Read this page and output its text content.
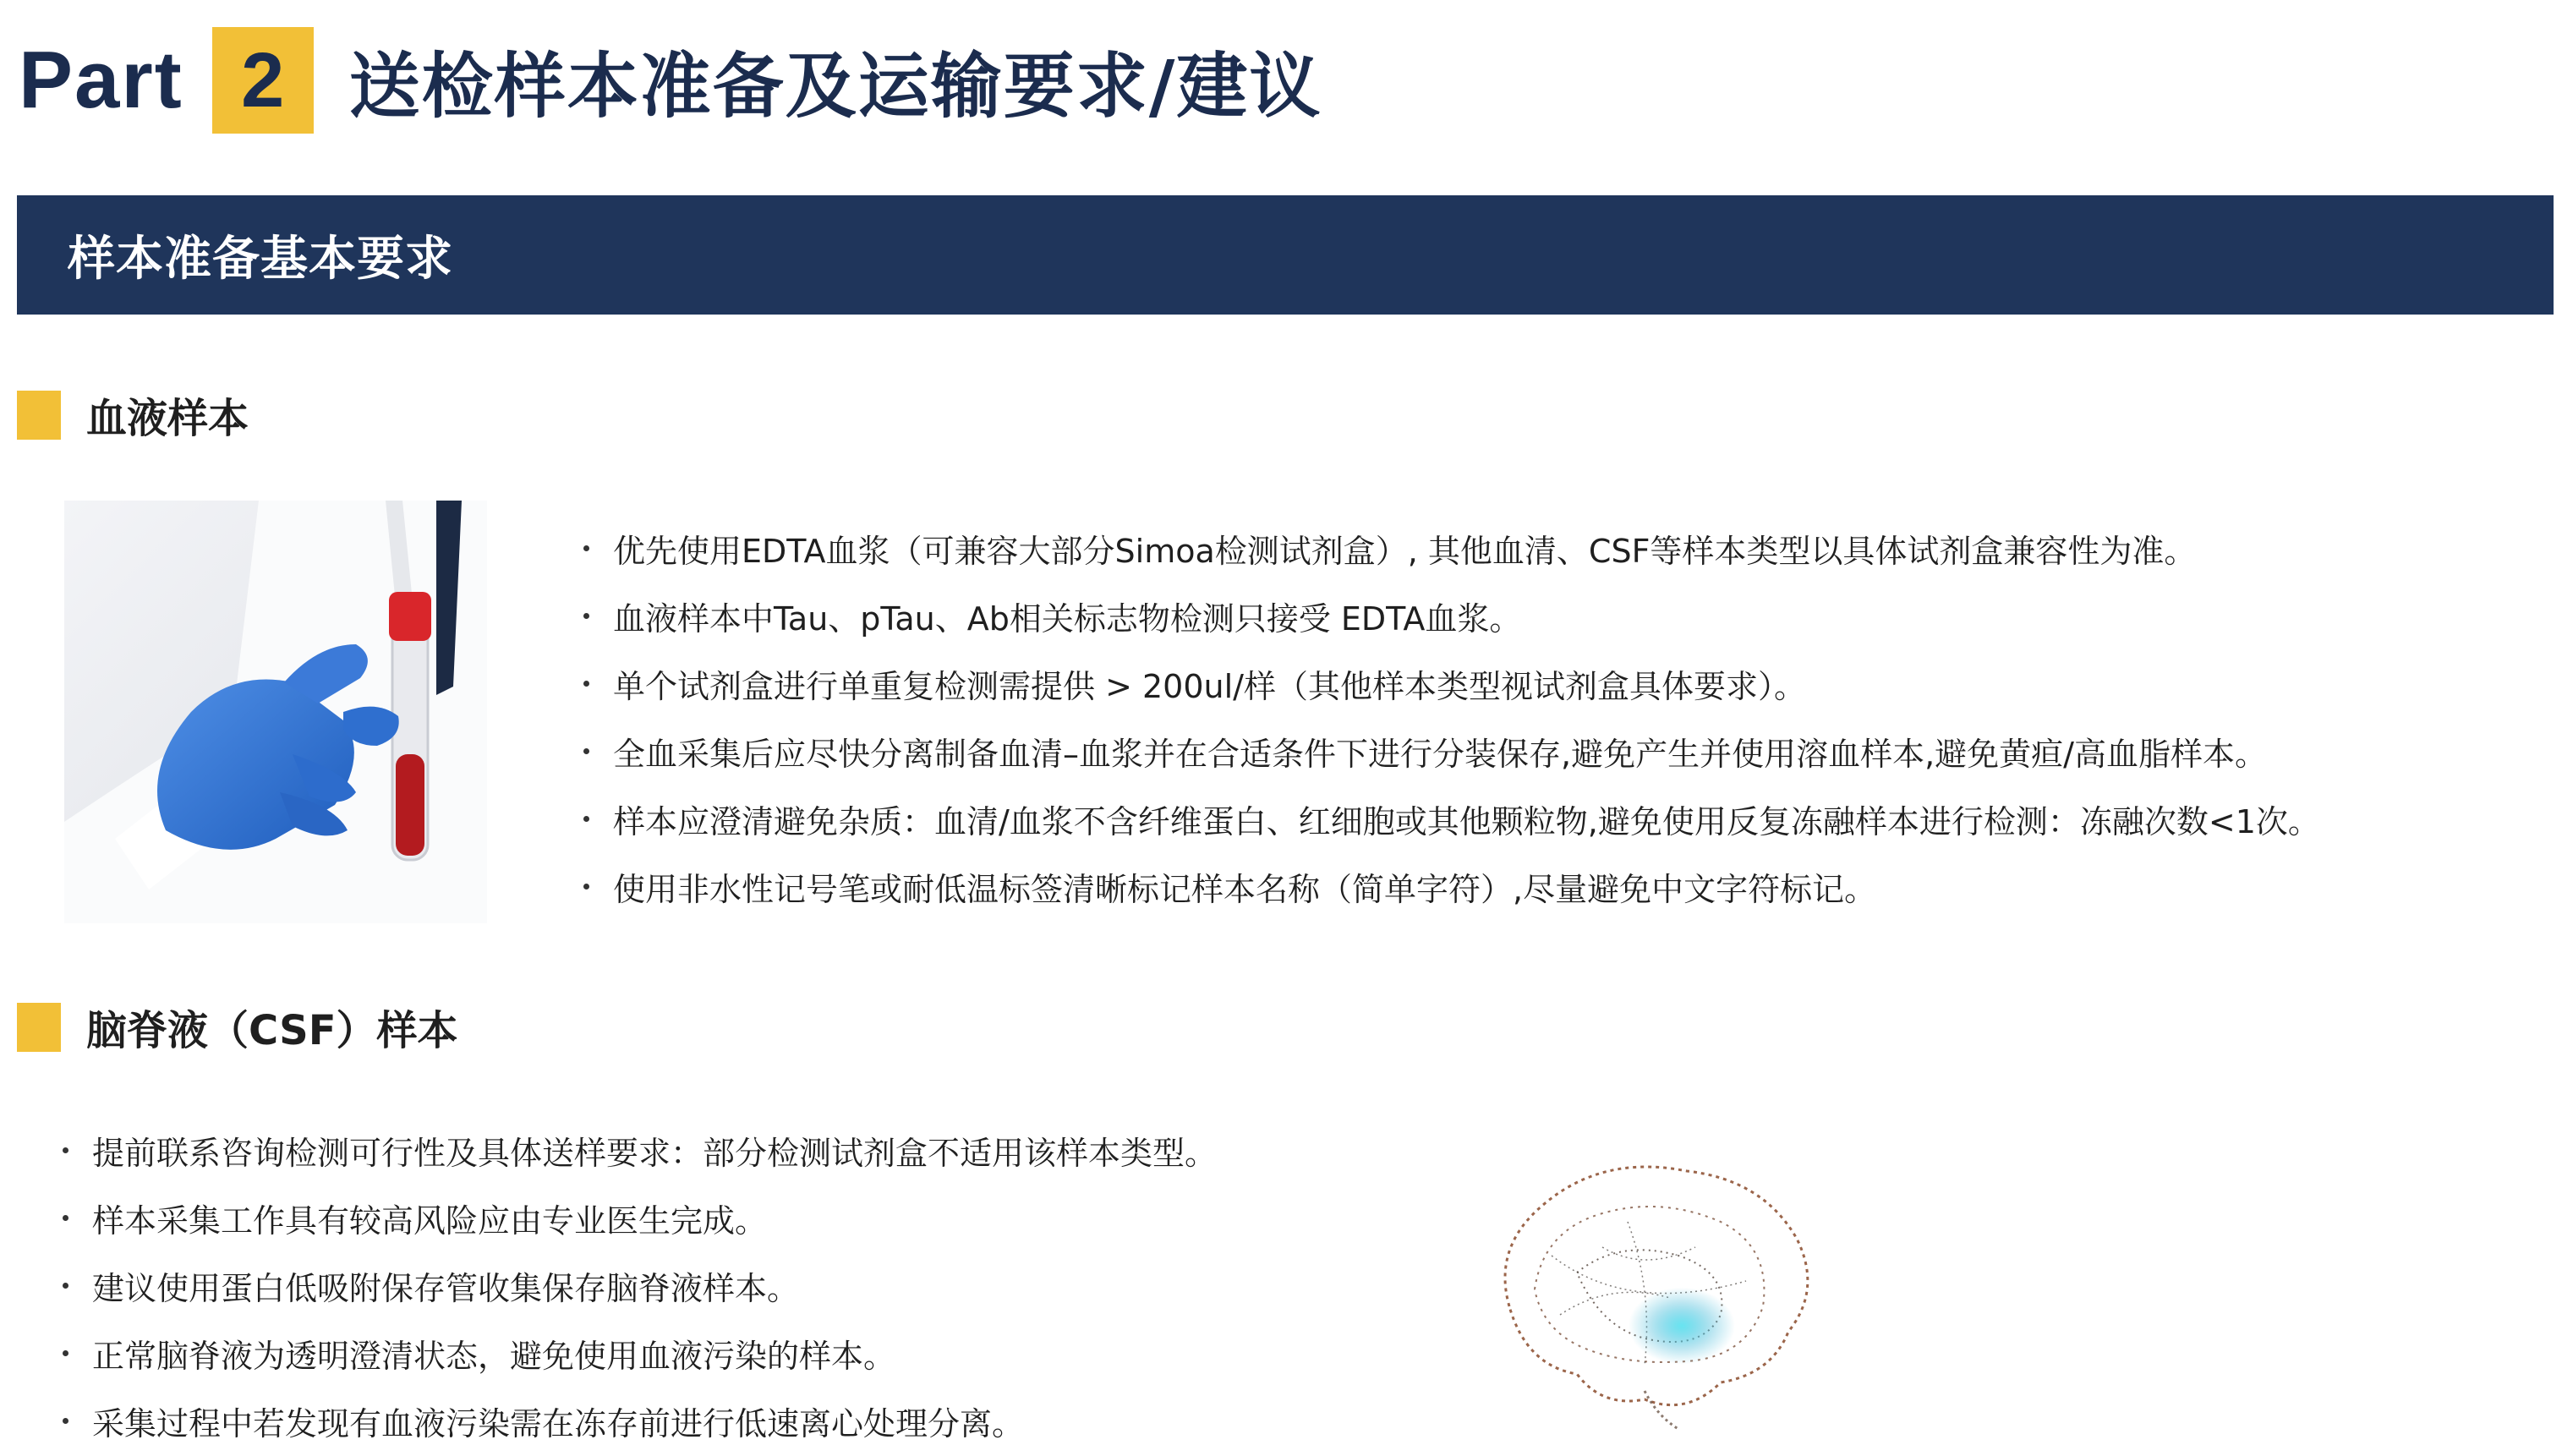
Part 2 送检样本准备及运输要求/建议
样本准备基本要求
血液样本
优先使用EDTA血浆（可兼容大部分Simoa检测试剂盒）, 其他血清、CSF等样本类型以具体试剂盒兼容性为准。
血液样本中Tau、pTau、Ab相关标志物检测只接受 EDTA血浆。
单个试剂盒进行单重复检测需提供 > 200ul/样（其他样本类型视试剂盒具体要求）。
全血采集后应尽快分离制备血清–血浆并在合适条件下进行分装保存,避免产生并使用溶血样本,避免黄疸/高血脂样本。
样本应澄清避免杂质：血清/血浆不含纤维蛋白、红细胞或其他颗粒物,避免使用反复冻融样本进行检测：冻融次数<1次。
使用非水性记号笔或耐低温标签清晰标记样本名称（简单字符）,尽量避免中文字符标记。
脑脊液（CSF）样本
提前联系咨询检测可行性及具体送样要求：部分检测试剂盒不适用该样本类型。
样本采集工作具有较高风险应由专业医生完成。
建议使用蛋白低吸附保存管收集保存脑脊液样本。
正常脑脊液为透明澄清状态，避免使用血液污染的样本。
采集过程中若发现有血液污染需在冻存前进行低速离心处理分离。
